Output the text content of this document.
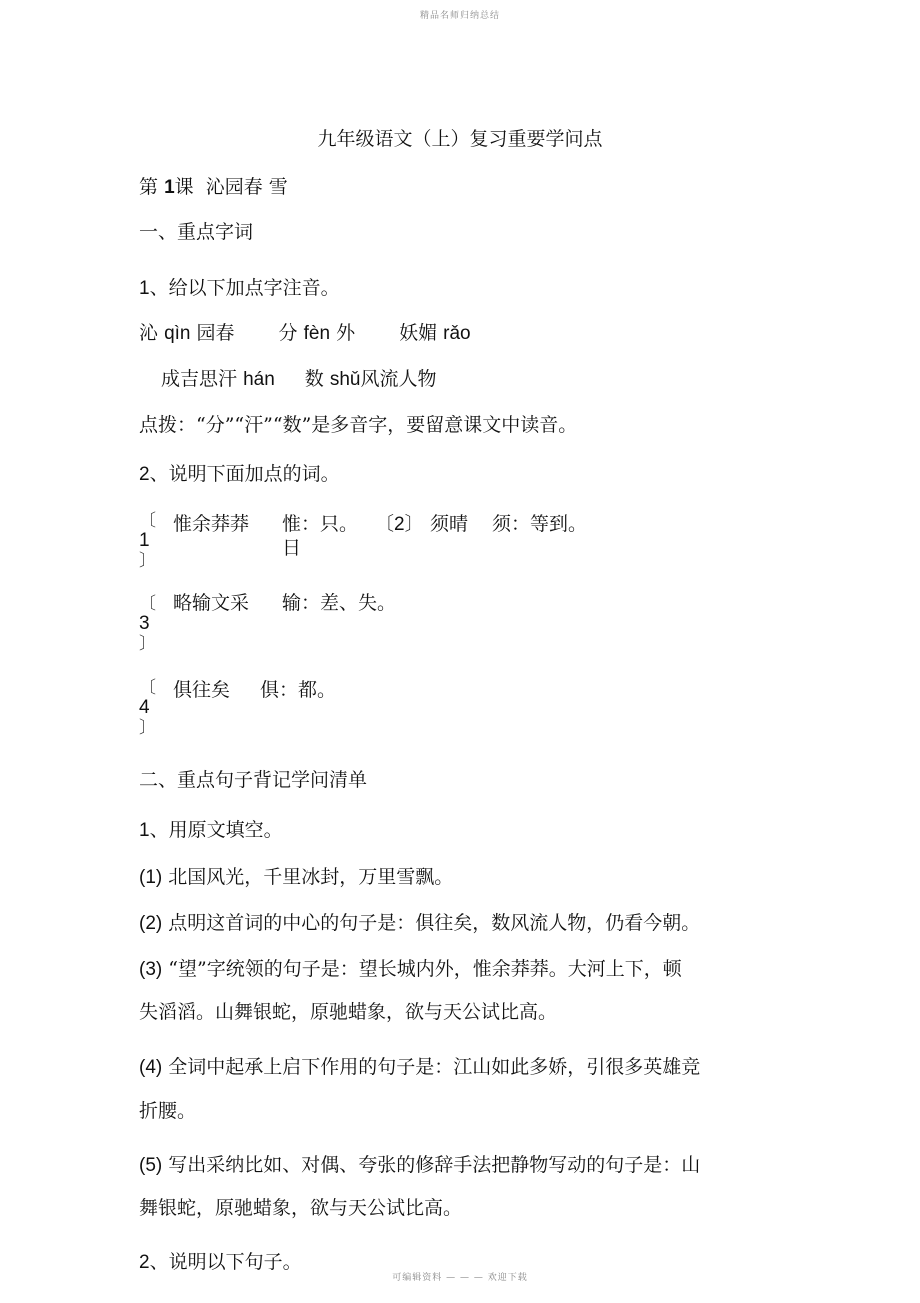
精品名师归纳总结
九年级语文（上）复习重要学问点
第 1课 沁园春 雪
一、重点字词
1、给以下加点字注音。
沁 qìn 园春 分 fèn 外 妖媚 rǎo
成吉思汗 hán 数 shǔ风流人物
点拨：“分”“汗”“数”是多音字，要留意课文中读音。
2、说明下面加点的词。
〔
1
〕
惟余莽莽 惟：只。
日
〔2〕 须晴 须：等到。
〔
3
〕
略输文采 输：差、失。
〔
4
〕
俱往矣 俱：都。
二、重点句子背记学问清单
1、用原文填空。
(1) 北国风光，千里冰封，万里雪飘。
(2) 点明这首词的中心的句子是：俱往矣，数风流人物，仍看今朝。
(3) “望”字统领的句子是：望长城内外，惟余莽莽。大河上下，顿
失滔滔。山舞银蛇，原驰蜡象，欲与天公试比高。
(4) 全词中起承上启下作用的句子是：江山如此多娇，引很多英雄竞
折腰。
(5) 写出采纳比如、对偶、夸张的修辞手法把静物写动的句子是：山
舞银蛇，原驰蜡象，欲与天公试比高。
2、说明以下句子。
可编辑资料 — — — 欢迎下载
